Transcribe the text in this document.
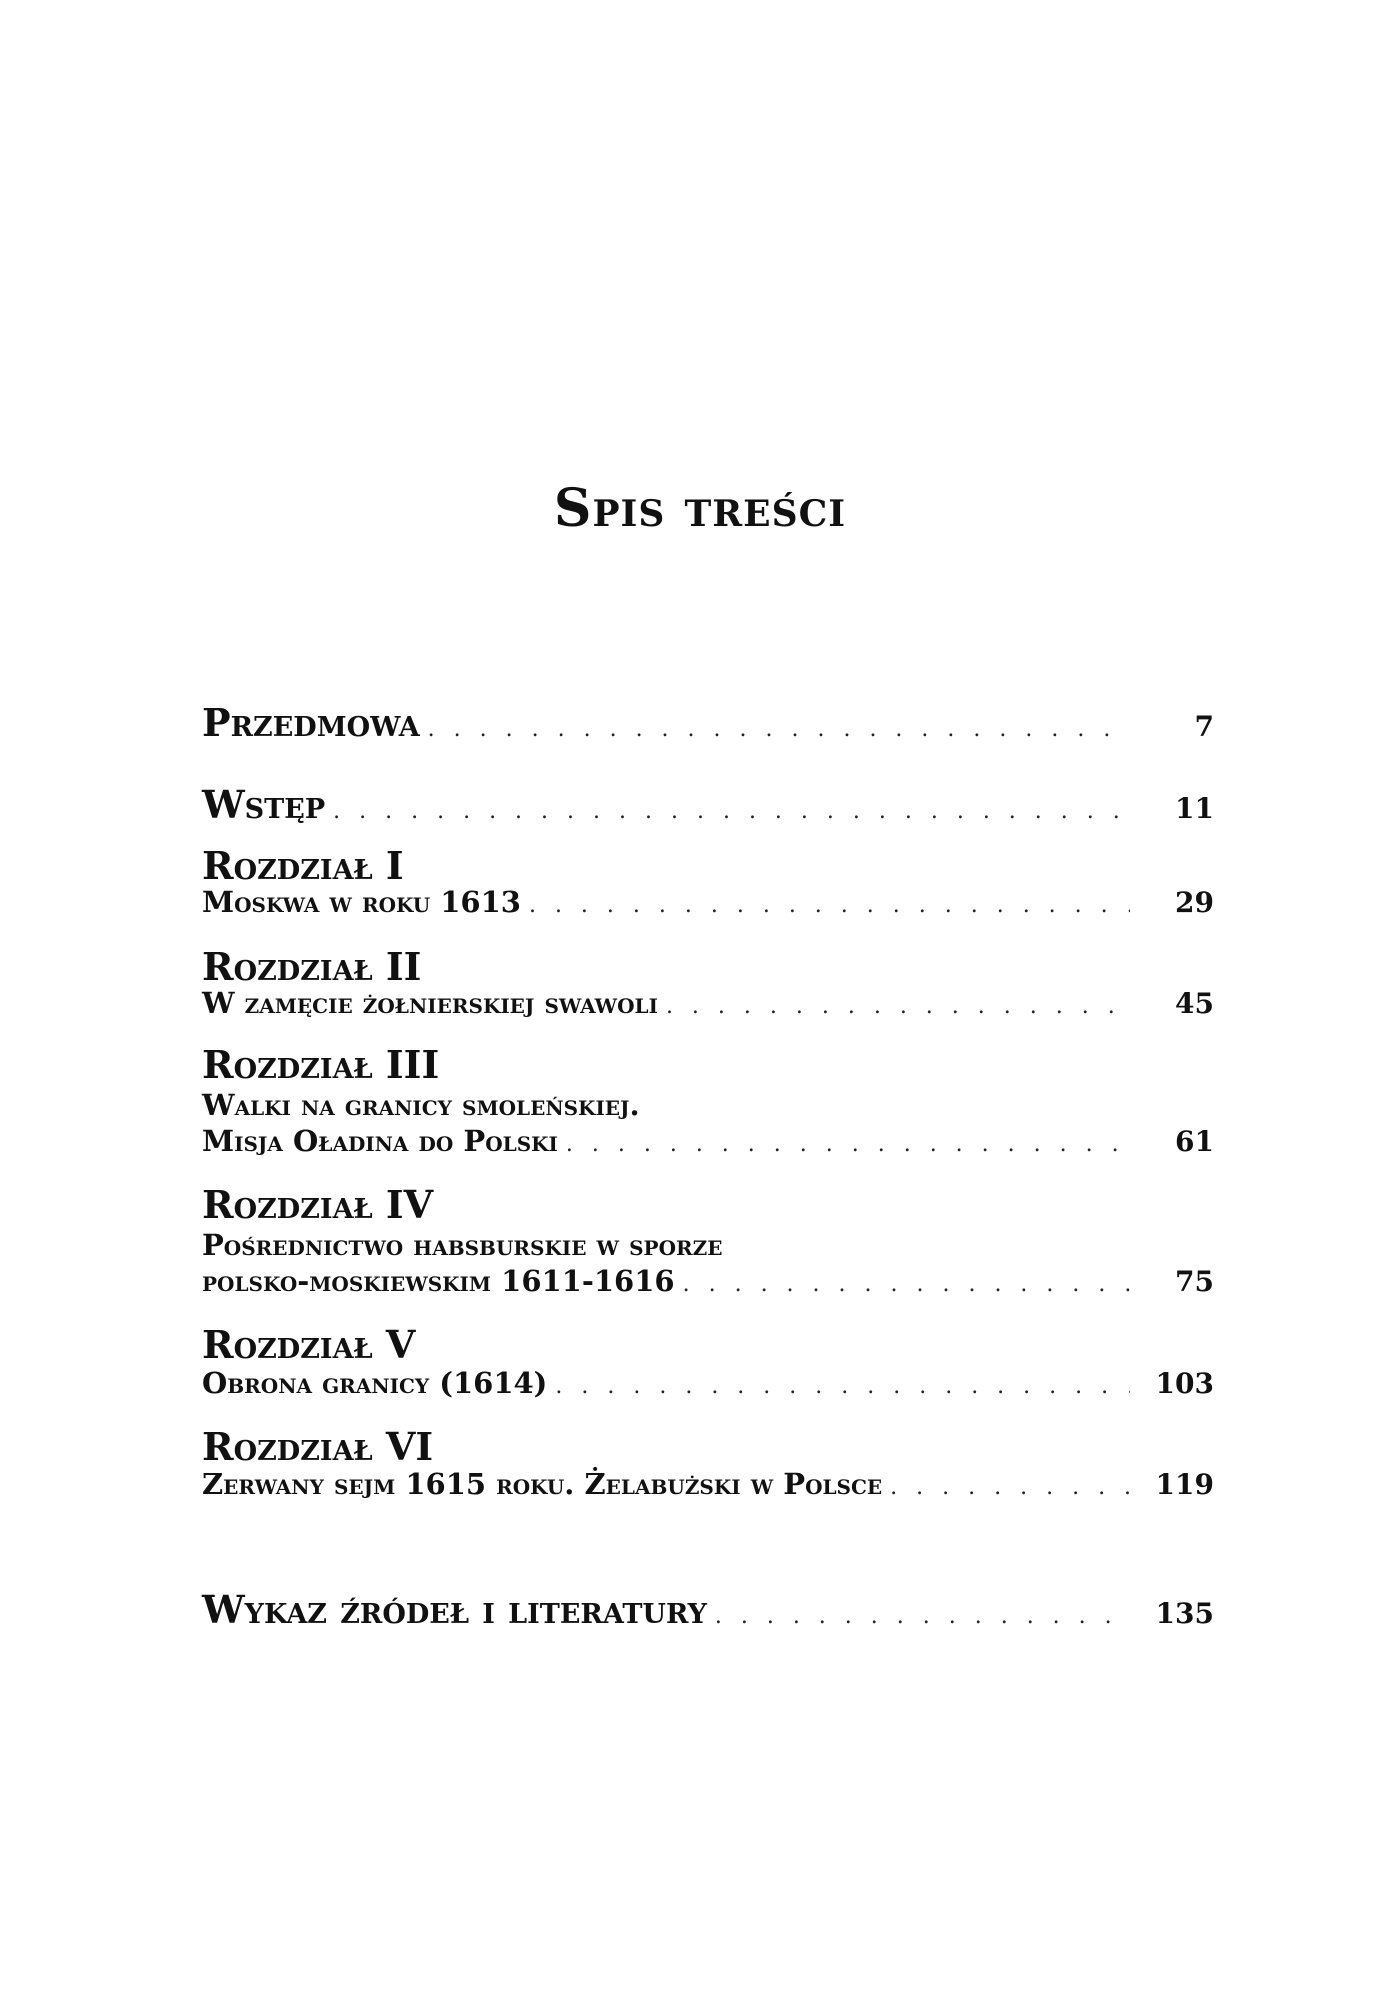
Spis treści
Przedmowa . . .	7
Wstęp . . .	11
Rozdział I
Moskwa w roku 1613 . . .	29
Rozdział II
W zamęcie żołnierskiej swawoli . . .	45
Rozdział III
Walki na granicy smoleńskiej.
Misja Oładina do Polski . . .	61
Rozdział IV
Pośrednictwo habsburskie w sporze
polsko-moskiewskim 1611-1616 . . .	75
Rozdział V
Obrona granicy (1614) . . .	103
Rozdział VI
Zerwany sejm 1615 roku. Żelabużski w Polsce . . .	119
Wykaz źródeł i literatury . . .	135
